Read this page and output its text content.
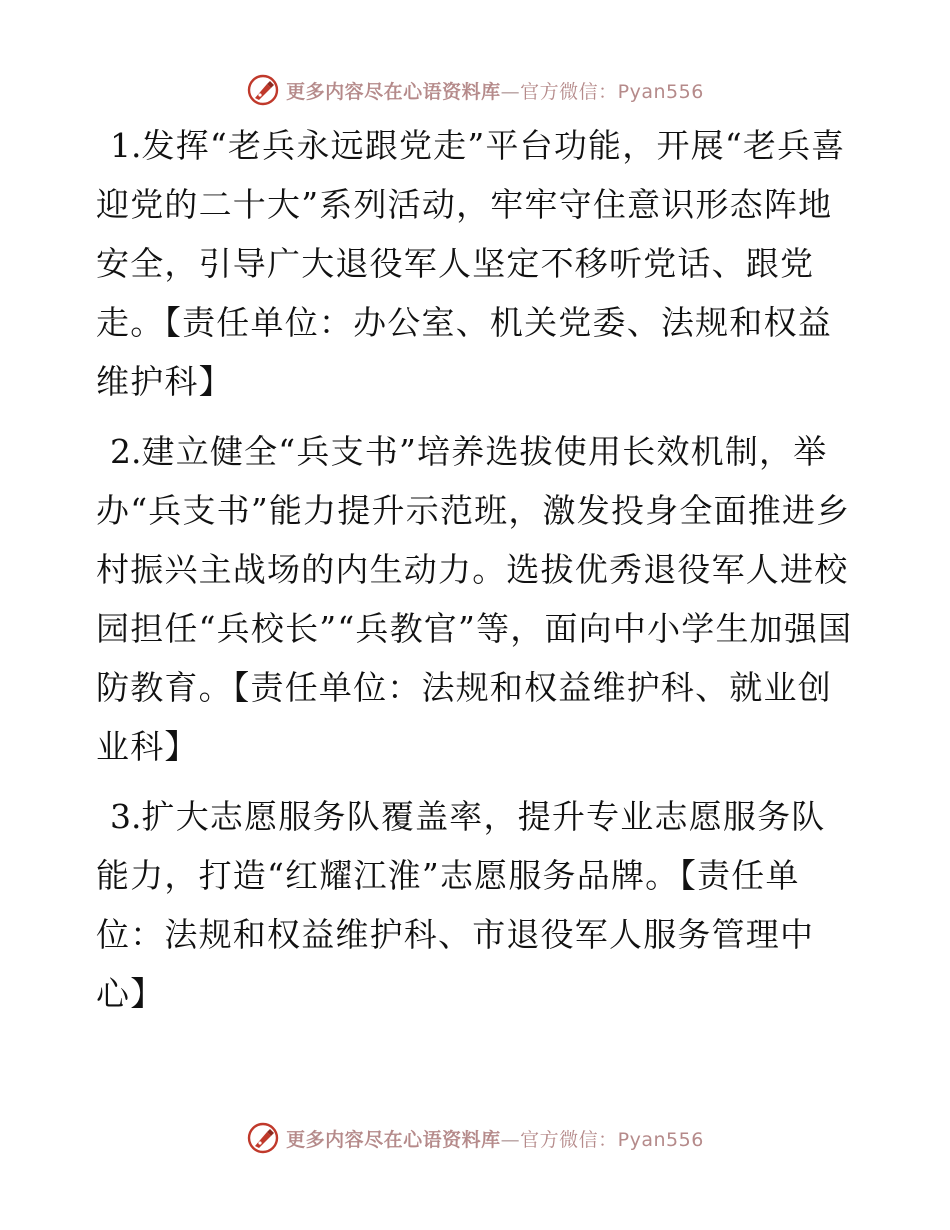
更多内容尽在心语资料库—官方微信：Pyan556

1.发挥“老兵永远跟党走”平台功能，开展“老兵喜迎党的二十大”系列活动，牢牢守住意识形态阵地安全，引导广大退役军人坚定不移听党话、跟党走。【责任单位：办公室、机关党委、法规和权益维护科】

2.建立健全“兵支书”培养选拔使用长效机制，举办“兵支书”能力提升示范班，激发投身全面推进乡村振兴主战场的内生动力。选拔优秀退役军人进校园担任“兵校长”“兵教官”等，面向中小学生加强国防教育。【责任单位：法规和权益维护科、就业创业科】

3.扩大志愿服务队覆盖率，提升专业志愿服务队能力，打造“红耀江淮”志愿服务品牌。【责任单位：法规和权益维护科、市退役军人服务管理中心】

更多内容尽在心语资料库—官方微信：Pyan556
